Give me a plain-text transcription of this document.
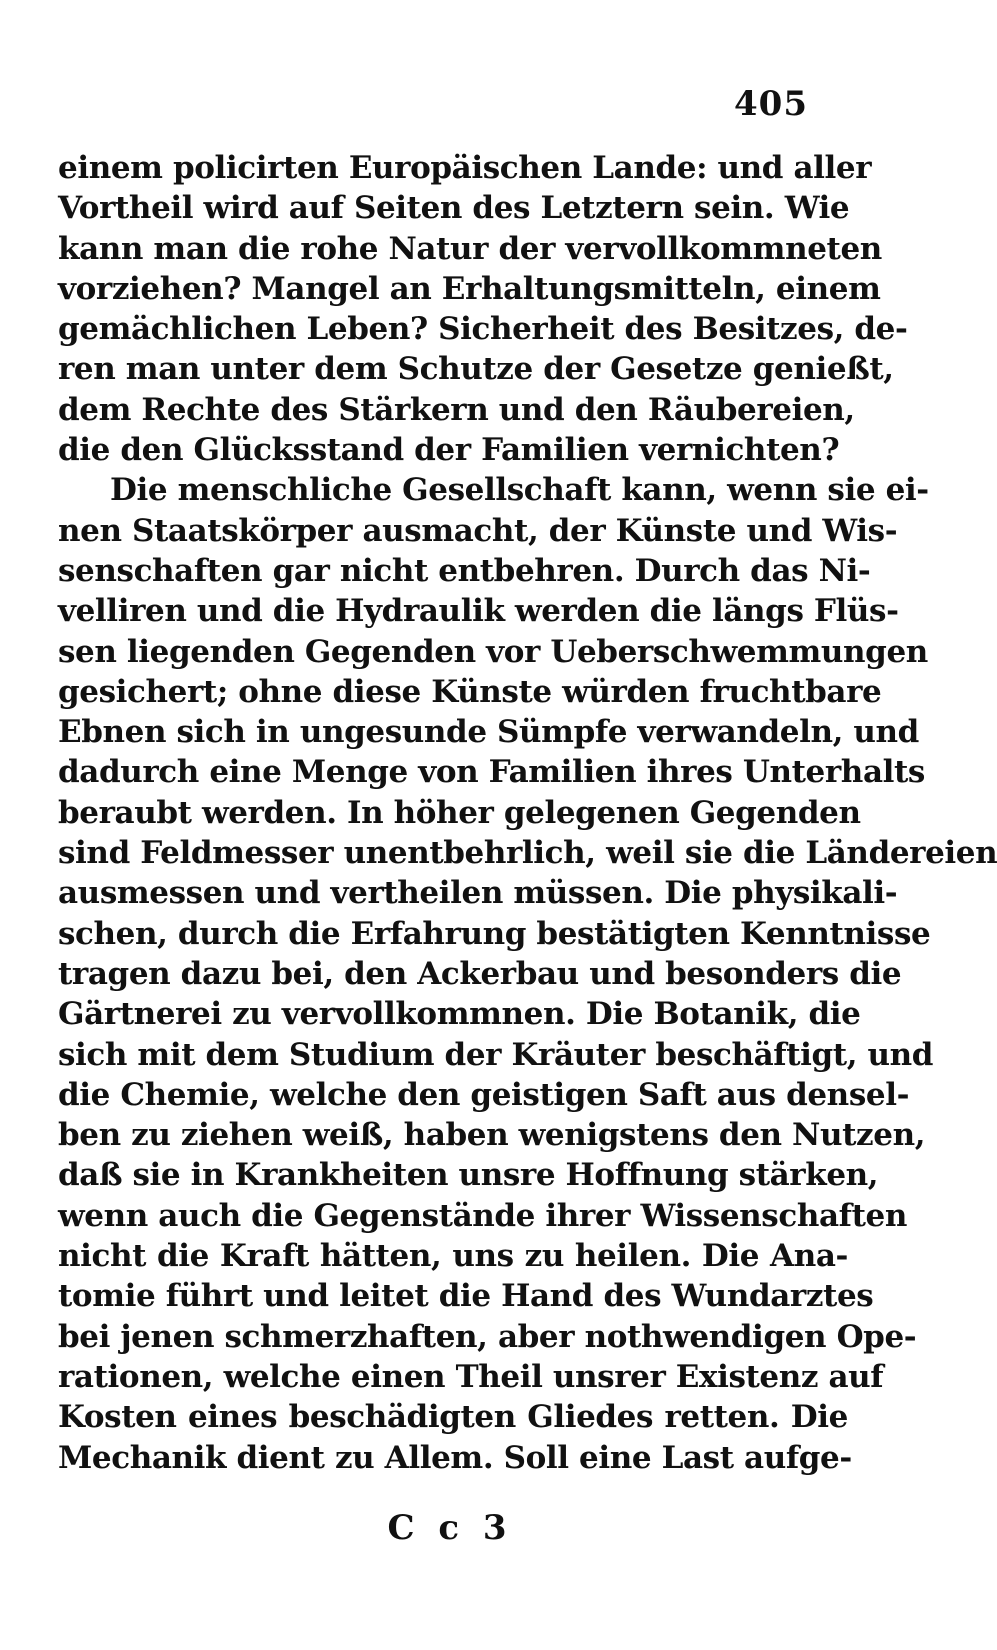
405
einem policirten Europäischen Lande: und aller
Vortheil wird auf Seiten des Letztern sein. Wie
kann man die rohe Natur der vervollkommneten
vorziehen? Mangel an Erhaltungsmitteln, einem
gemächlichen Leben? Sicherheit des Besitzes, de-
ren man unter dem Schutze der Gesetze genießt,
dem Rechte des Stärkern und den Räubereien,
die den Glücksstand der Familien vernichten?
Die menschliche Gesellschaft kann, wenn sie ei-
nen Staatskörper ausmacht, der Künste und Wis-
senschaften gar nicht entbehren. Durch das Ni-
velliren und die Hydraulik werden die längs Flüs-
sen liegenden Gegenden vor Ueberschwemmungen
gesichert; ohne diese Künste würden fruchtbare
Ebnen sich in ungesunde Sümpfe verwandeln, und
dadurch eine Menge von Familien ihres Unterhalts
beraubt werden. In höher gelegenen Gegenden
sind Feldmesser unentbehrlich, weil sie die Ländereien
ausmessen und vertheilen müssen. Die physikali-
schen, durch die Erfahrung bestätigten Kenntnisse
tragen dazu bei, den Ackerbau und besonders die
Gärtnerei zu vervollkommnen. Die Botanik, die
sich mit dem Studium der Kräuter beschäftigt, und
die Chemie, welche den geistigen Saft aus densel-
ben zu ziehen weiß, haben wenigstens den Nutzen,
daß sie in Krankheiten unsre Hoffnung stärken,
wenn auch die Gegenstände ihrer Wissenschaften
nicht die Kraft hätten, uns zu heilen. Die Ana-
tomie führt und leitet die Hand des Wundarztes
bei jenen schmerzhaften, aber nothwendigen Ope-
rationen, welche einen Theil unsrer Existenz auf
Kosten eines beschädigten Gliedes retten. Die
Mechanik dient zu Allem. Soll eine Last aufge-
C c 3
